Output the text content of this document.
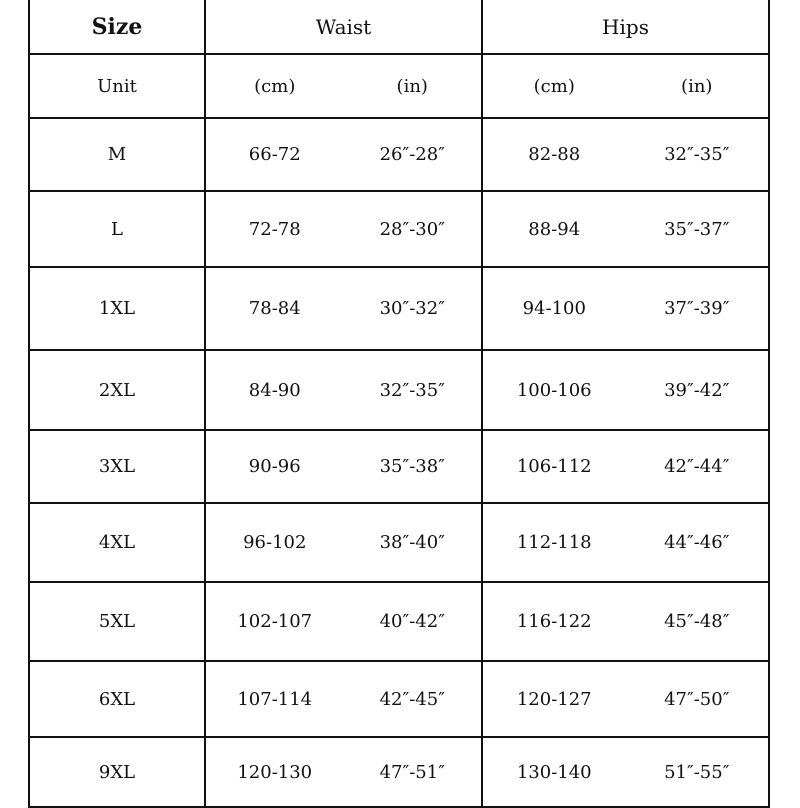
Size	Waist	Hips
Unit	(cm) (in)	(cm) (in)

M	66-72 26″-28″	82-88 32″-35″

L	72-78 28″-30″	88-94 35″-37″

1XL	78-84 30″-32″	94-100 37″-39″

2XL	84-90 32″-35″	100-106 39″-42″

3XL	90-96 35″-38″	106-112 42″-44″

4XL	96-102 38″-40″	112-118 44″-46″

5XL	102-107 40″-42″	116-122 45″-48″

6XL	107-114 42″-45″	120-127 47″-50″

9XL	120-130 47″-51″	130-140 51″-55″
